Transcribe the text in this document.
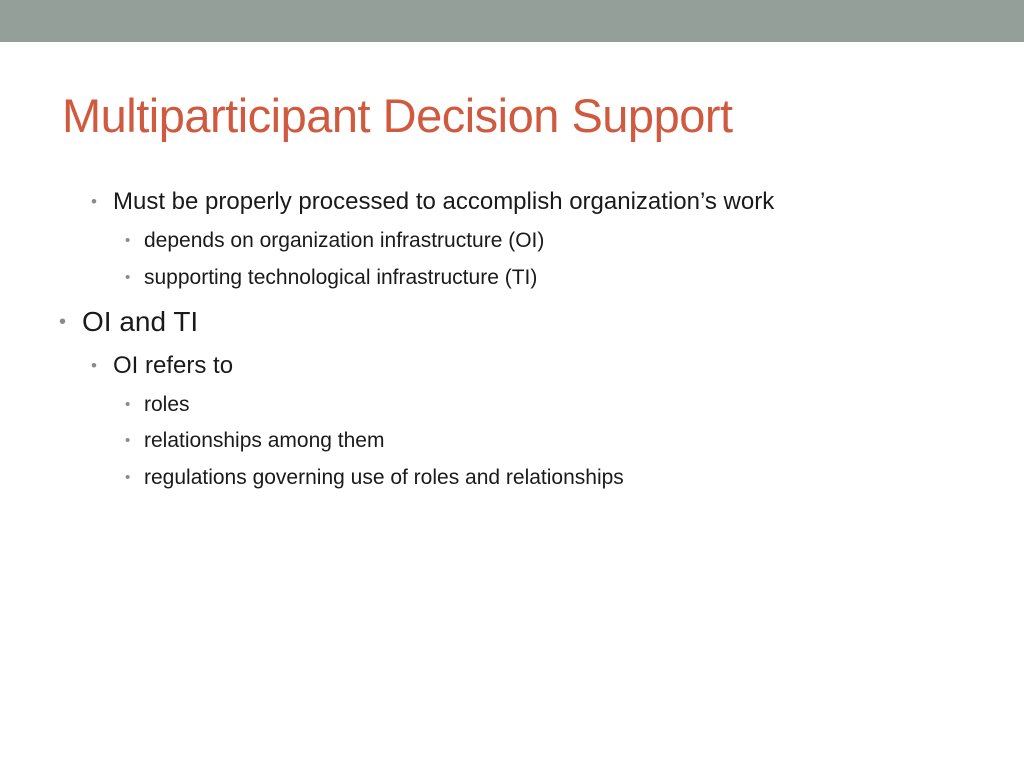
Multiparticipant Decision Support
• Must be properly processed to accomplish organization’s work
• depends on organization infrastructure (OI)
• supporting technological infrastructure (TI)
• OI and TI
• OI refers to
• roles
• relationships among them
• regulations governing use of roles and relationships
